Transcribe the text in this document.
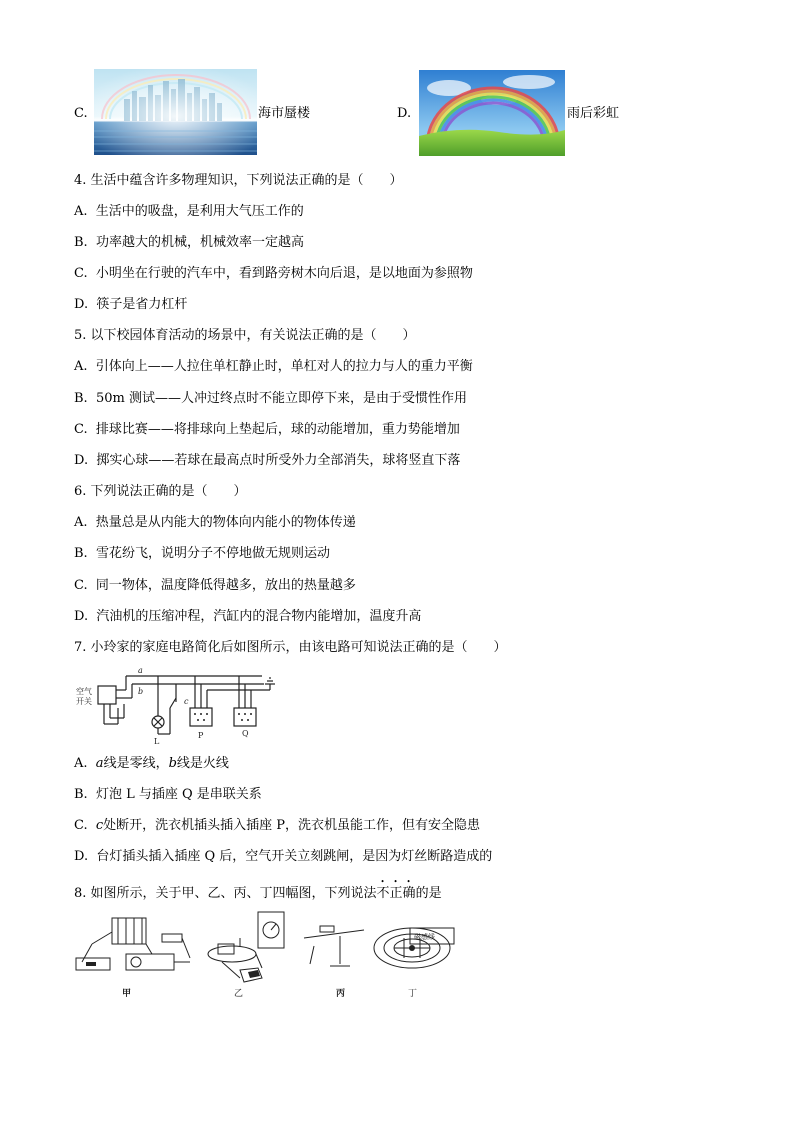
C.	海市蜃楼	D.	雨后彩虹
4. 生活中蕴含许多物理知识，下列说法正确的是（　　）
A. 生活中的吸盘，是利用大气压工作的
B. 功率越大的机械，机械效率一定越高
C. 小明坐在行驶的汽车中，看到路旁树木向后退，是以地面为参照物
D. 筷子是省力杠杆
5. 以下校园体育活动的场景中，有关说法正确的是（　　）
A. 引体向上——人拉住单杠静止时，单杠对人的拉力与人的重力平衡
B. 50m 测试——人冲过终点时不能立即停下来，是由于受惯性作用
C. 排球比赛——将排球向上垫起后，球的动能增加，重力势能增加
D. 掷实心球——若球在最高点时所受外力全部消失，球将竖直下落
6. 下列说法正确的是（　　）
A. 热量总是从内能大的物体向内能小的物体传递
B. 雪花纷飞，说明分子不停地做无规则运动
C. 同一物体，温度降低得越多，放出的热量越多
D. 汽油机的压缩冲程，汽缸内的混合物内能增加，温度升高
7. 小玲家的家庭电路简化后如图所示，由该电路可知说法正确的是（　　）
空气
开关
a
b
c
L
P	Q
A. a线是零线，b线是火线
B. 灯泡 L 与插座 Q 是串联关系
C. c处断开，洗衣机插头插入插座 P，洗衣机虽能工作，但有安全隐患
D. 台灯插头插入插座 Q 后，空气开关立刻跳闸，是因为灯丝断路造成的
8. 如图所示，关于甲、乙、丙、丁四幅图，下列说法不正确的是
磁感线
甲	乙	丙	丁
